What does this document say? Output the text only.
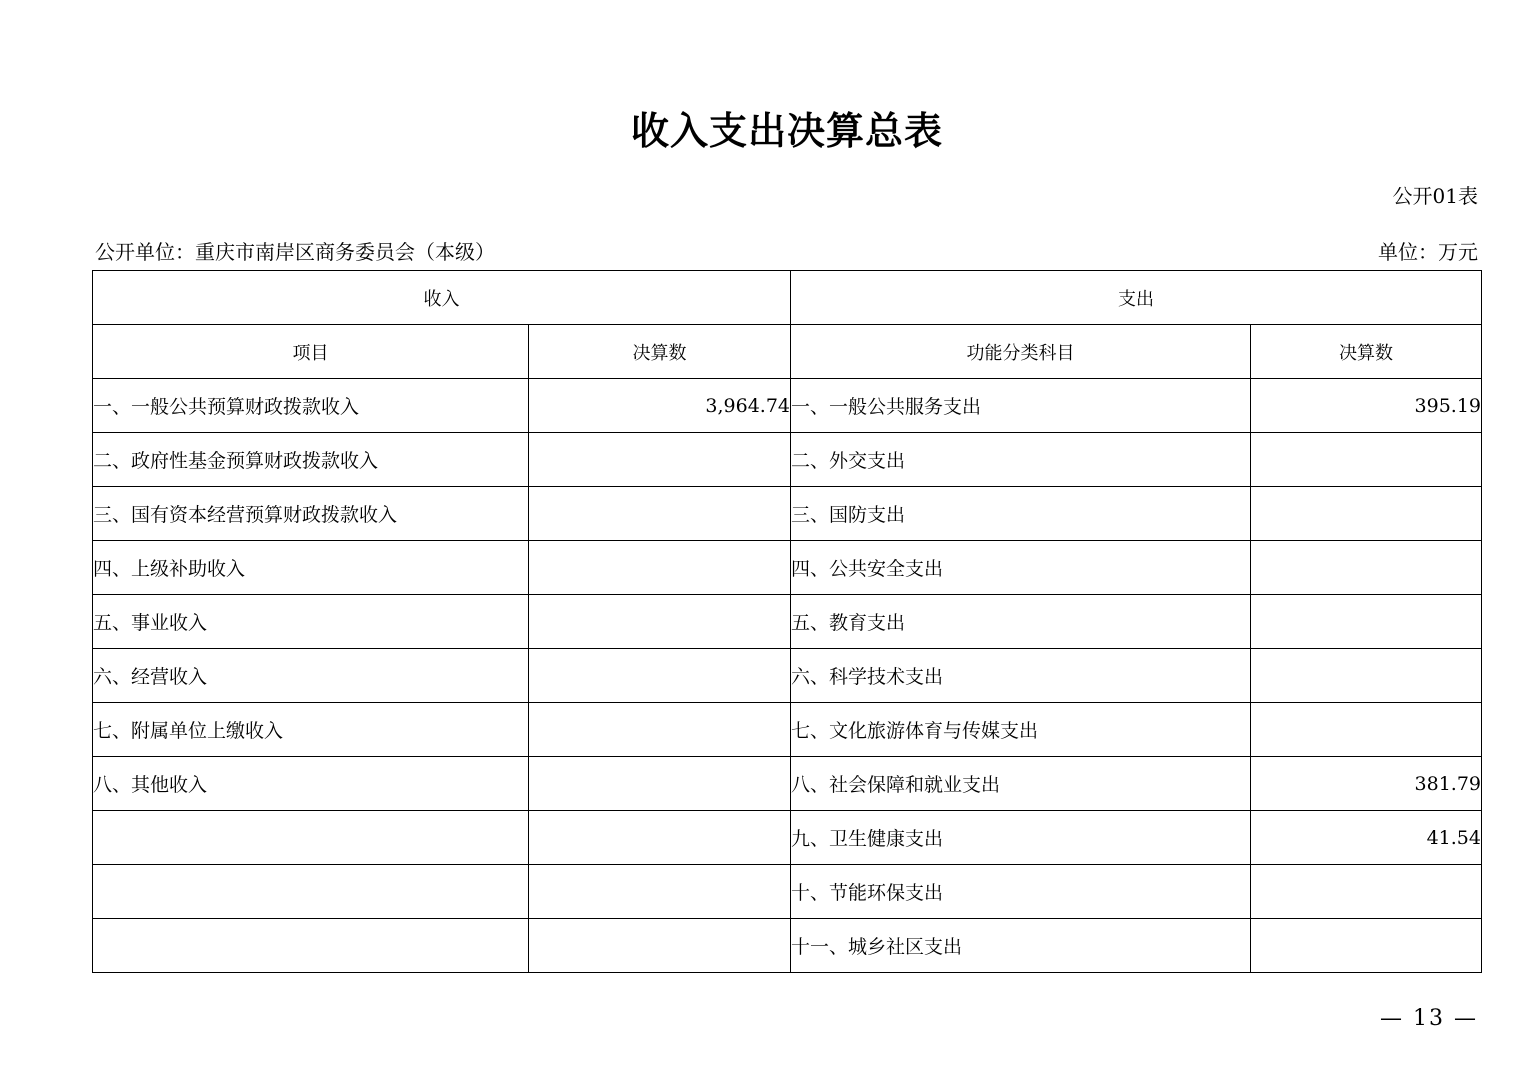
收入支出决算总表
公开01表
公开单位：重庆市南岸区商务委员会（本级）	单位：万元
收入		支出	
项目	决算数	功能分类科目	决算数
一、一般公共预算财政拨款收入	3,964.74	一、一般公共服务支出	395.19
二、政府性基金预算财政拨款收入		二、外交支出	
三、国有资本经营预算财政拨款收入		三、国防支出	
四、上级补助收入		四、公共安全支出	
五、事业收入		五、教育支出	
六、经营收入		六、科学技术支出	
七、附属单位上缴收入		七、文化旅游体育与传媒支出	
八、其他收入		八、社会保障和就业支出	381.79
		九、卫生健康支出	41.54
		十、节能环保支出	
		十一、城乡社区支出	
— 13 —
